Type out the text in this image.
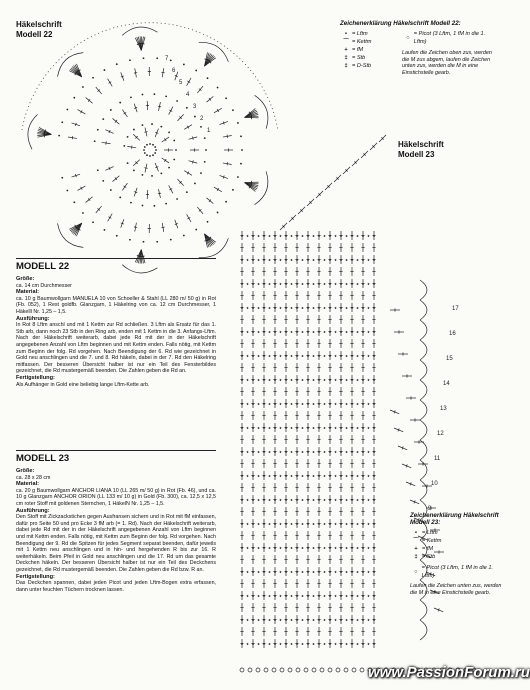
Häkelschrift
Modell 22
7
6
5
4
3
2
1
Zeichenerklärung Häkelschrift Modell 22:
• = Lftm
⌒ = Kettm
+ = fM
‡ = Stb
‡ = D-Stb
○
= Picot (3 Lftm, 1 fM in die 1. Lftm)
Laufen die Zeichen oben zus, werden die M zus abgem, laufen die Zeichen unten zus, werden die M in eine Einstichstelle gearb.
Häkelschrift
Modell 23
17
16
15
14
13
12
11
10
9
Zeichenerklärung Häkelschrift Modell 23:
• = Lftm
⌒ = Kettm
+ = fM
‡ = Stb
○
= Picot (3 Lftm, 1 fM in die 1. Lftm)
Laufen die Zeichen unten zus, werden die M in eine Einstichstelle gearb.
MODELL 22
Größe:
ca. 14 cm Durchmesser
Material:
ca. 10 g Baumwollgarn MANUELA 10 von Schoeller & Stahl (LL 280 m/ 50 g) in Rot (Fb. 052), 1 Rest goldfb. Glanzgarn, 1 Häkelring von ca. 12 cm Durchmesser, 1 Häkelll Nr. 1,25 – 1,5.
Ausführung:
In Rot 8 Lftm anschl und mit 1 Kettm zur Rd schließen. 3 Lftm als Ersatz für das 1. Stb arb, dann noch 23 Stb in den Ring arb, enden mit 1 Kettm in die 3. Anfangs-Lftm. Nach der Häkelschrift weiterarb, dabei jede Rd mit der in der Häkelschrift angegebenen Anzahl von Lftm beginnen und mit Kettm enden. Falls nötig, mit Kettm zum Beginn der folg. Rd vorgehen. Nach Beendigung der 6. Rd wie gezeichnet in Gold neu anschlingen und die 7. und 8. Rd häkeln, dabei in der 7. Rd den Häkelring mitfassen. Der besseren Übersicht halber ist nur ein Teil des Fensterbildes gezeichnet, die Rd mustergemäß beenden. Die Zahlen geben die Rd an.
Fertigstellung:
Als Aufhänger in Gold eine beliebig lange Lftm-Kette arb.
MODELL 23
Größe:
ca. 28 x 28 cm
Material:
ca. 20 g Baumwollgarn ANCHOR LIANA 10 (LL 265 m/ 50 g) in Rot (Fb. 46), und ca. 10 g Glanzgarn ANCHOR ORION (LL 133 m/ 10 g) in Gold (Fb. 300), ca. 12,5 x 12,5 cm roter Stoff mit goldenen Sternchen, 1 HäkelN Nr. 1,25 – 1,5.
Ausführung:
Den Stoff mit Zickzackstichen gegen Ausfransen sichern und in Rot mit fM einfassen, dafür pro Seite 50 und pro Ecke 3 fM arb (= 1. Rd). Nach der Häkelschrift weiterarb, dabei jede Rd mit der in der Häkelschrift angegebenen Anzahl von Lftm beginnen und mit Kettm enden. Falls nötig, mit Kettm zum Beginn der folg. Rd vorgehen. Nach Beendigung der 9. Rd die Spitzen für jedes Segment separat beenden, dafür jeweils mit 1 Kettm neu anschlingen und in hin- und hergehenden R bis zur 16. R weiterhäkeln. Beim Pfeil in Gold neu anschlingen und die 17. Rd um das gesamte Deckchen häkeln. Der besseren Übersicht halber ist nur ein Teil des Deckchens gezeichnet, die Rd mustergemäß beenden. Die Zahlen geben die Rd bzw. R an.
Fertigstellung:
Das Deckchen spannen, dabei jeden Picot und jeden Lftm-Bogen extra erfassen, dann unter feuchten Tüchern trocknen lassen.
www.PassionForum.ru
